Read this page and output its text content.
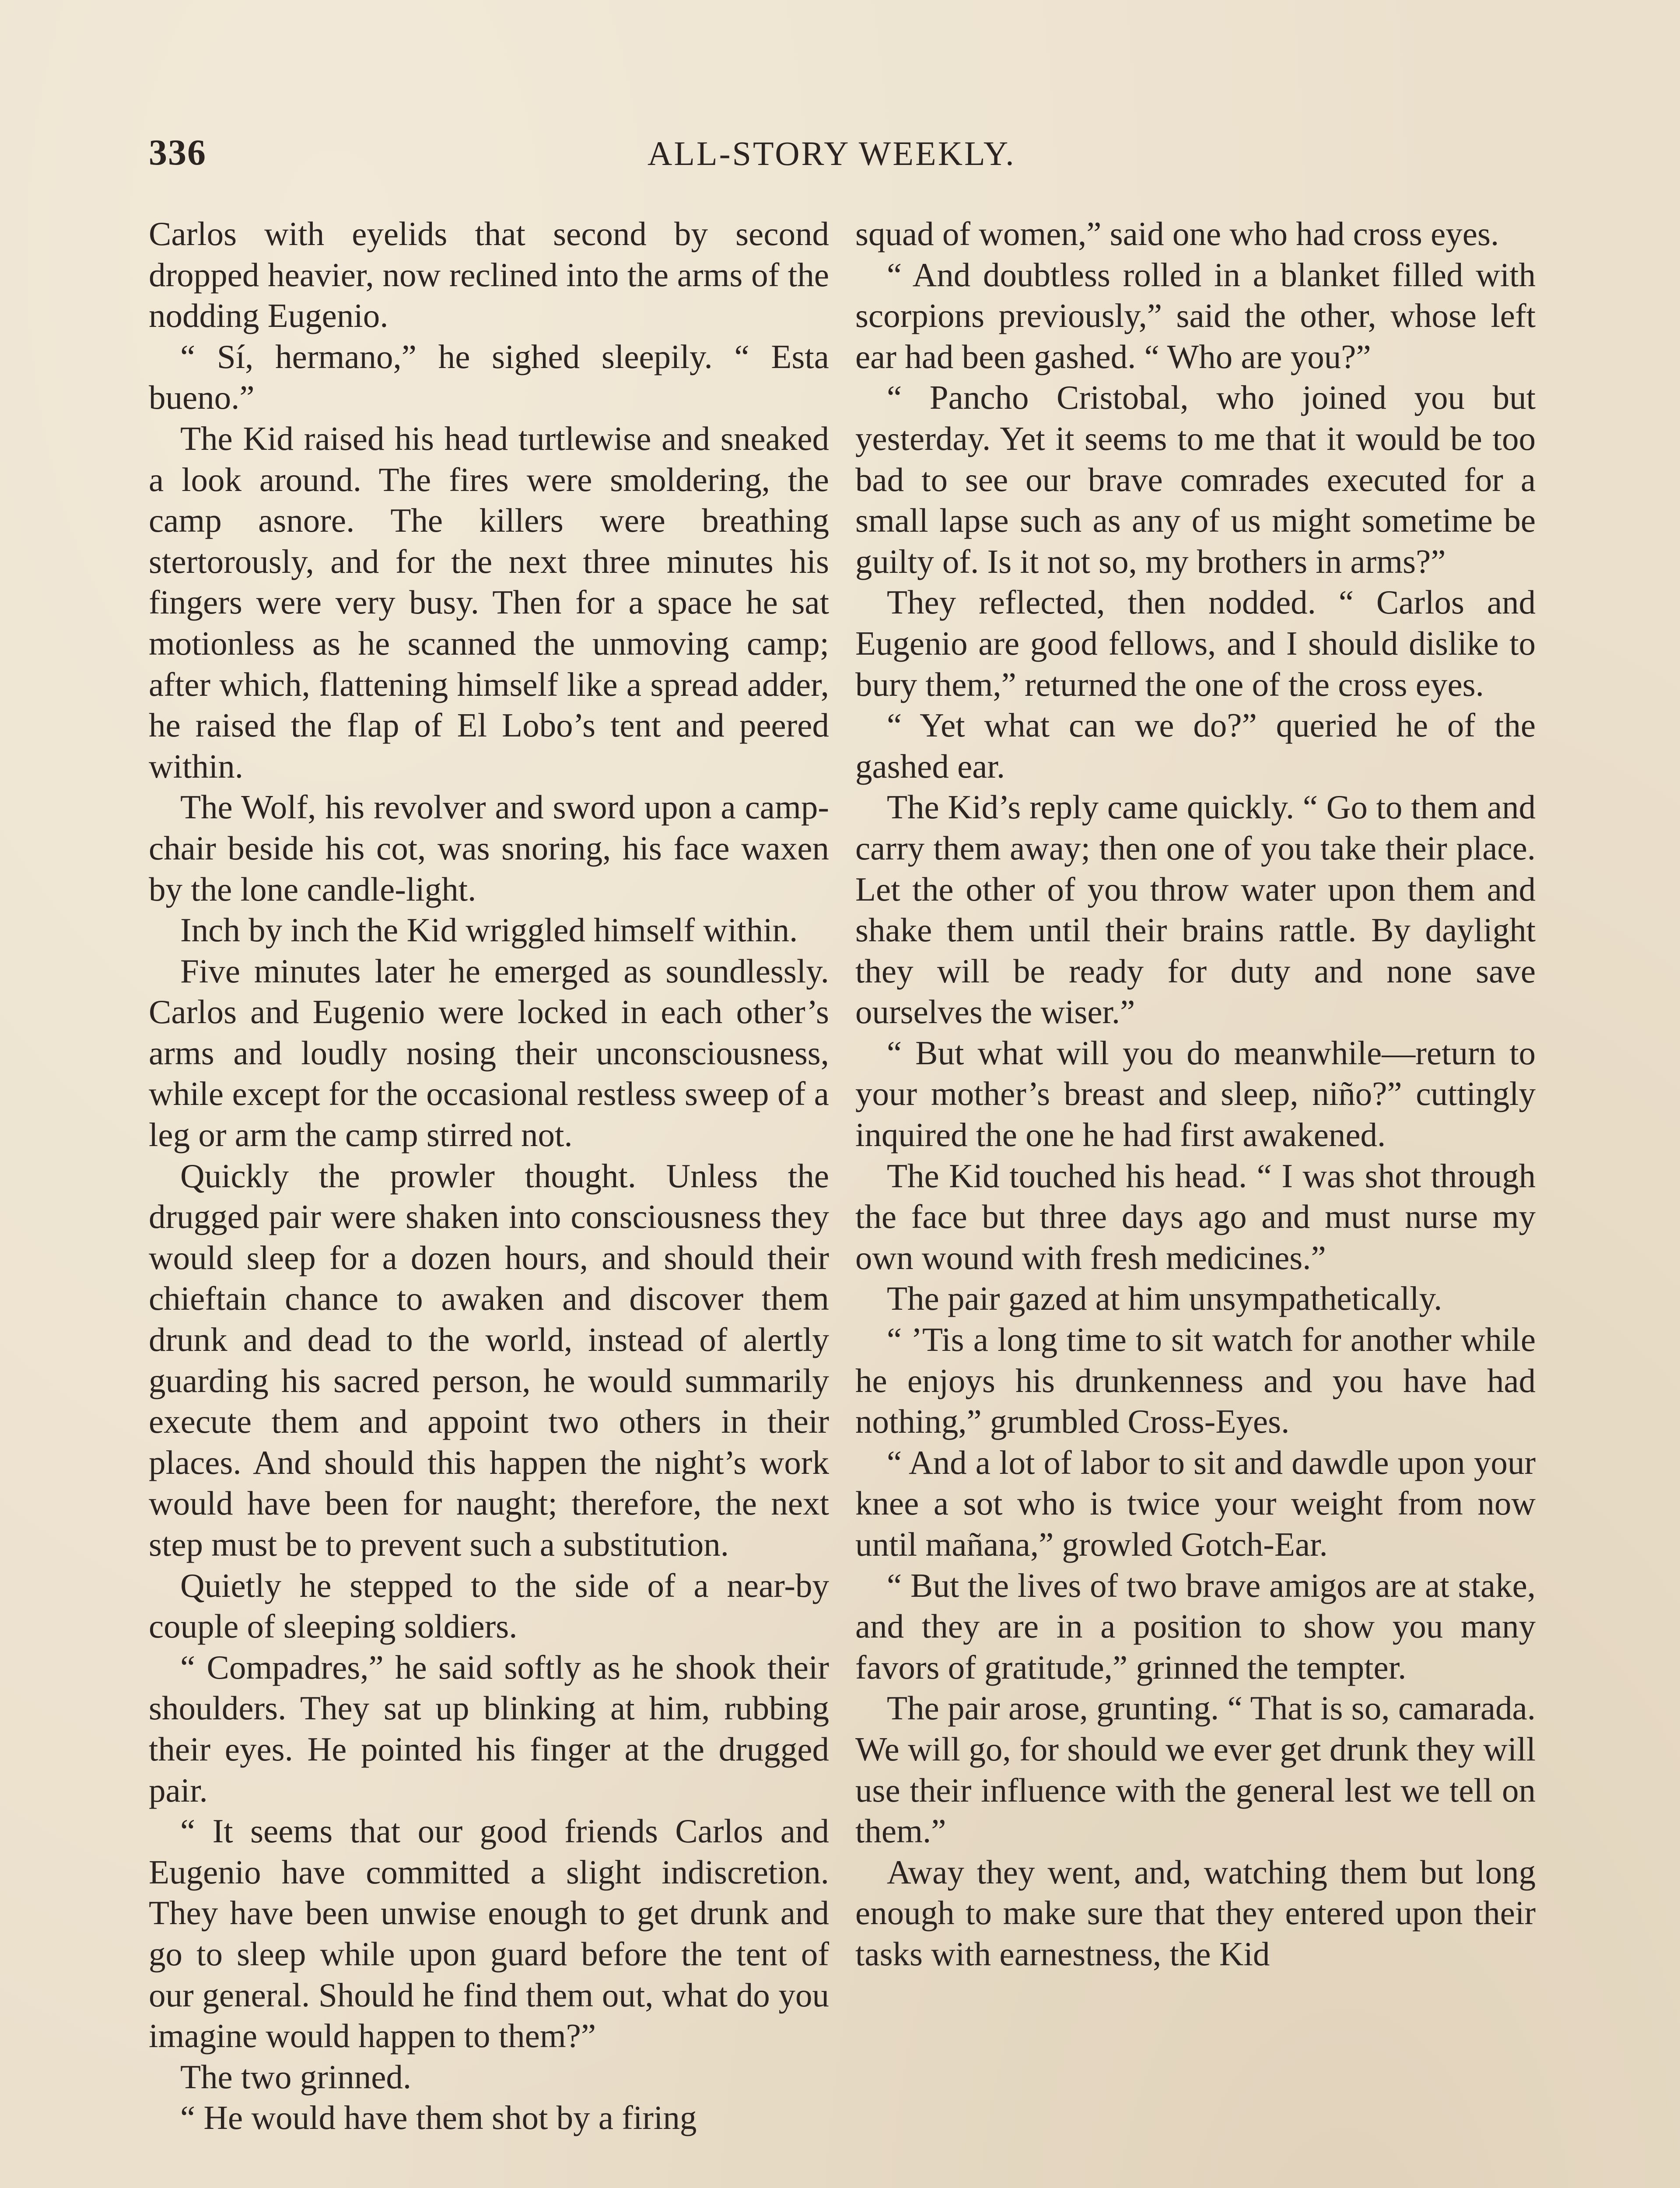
336	ALL-STORY WEEKLY.

Carlos with eyelids that second by second dropped heavier, now reclined into the arms of the nodding Eugenio.

“ Sí, hermano,” he sighed sleepily. “ Esta bueno.”

The Kid raised his head turtlewise and sneaked a look around. The fires were smoldering, the camp asnore. The killers were breathing stertorously, and for the next three minutes his fingers were very busy. Then for a space he sat motionless as he scanned the unmoving camp; after which, flattening himself like a spread adder, he raised the flap of El Lobo’s tent and peered within.

The Wolf, his revolver and sword upon a camp-chair beside his cot, was snoring, his face waxen by the lone candle-light.

Inch by inch the Kid wriggled himself within.

Five minutes later he emerged as soundlessly. Carlos and Eugenio were locked in each other’s arms and loudly nosing their unconsciousness, while except for the occasional restless sweep of a leg or arm the camp stirred not.

Quickly the prowler thought. Unless the drugged pair were shaken into consciousness they would sleep for a dozen hours, and should their chieftain chance to awaken and discover them drunk and dead to the world, instead of alertly guarding his sacred person, he would summarily execute them and appoint two others in their places. And should this happen the night’s work would have been for naught; therefore, the next step must be to prevent such a substitution.

Quietly he stepped to the side of a near-by couple of sleeping soldiers.

“ Compadres,” he said softly as he shook their shoulders. They sat up blinking at him, rubbing their eyes. He pointed his finger at the drugged pair.

“ It seems that our good friends Carlos and Eugenio have committed a slight indiscretion. They have been unwise enough to get drunk and go to sleep while upon guard before the tent of our general. Should he find them out, what do you imagine would happen to them?”

The two grinned.

“ He would have them shot by a firing

squad of women,” said one who had cross eyes.

“ And doubtless rolled in a blanket filled with scorpions previously,” said the other, whose left ear had been gashed. “ Who are you?”

“ Pancho Cristobal, who joined you but yesterday. Yet it seems to me that it would be too bad to see our brave comrades executed for a small lapse such as any of us might sometime be guilty of. Is it not so, my brothers in arms?”

They reflected, then nodded. “ Carlos and Eugenio are good fellows, and I should dislike to bury them,” returned the one of the cross eyes.

“ Yet what can we do?” queried he of the gashed ear.

The Kid’s reply came quickly. “ Go to them and carry them away; then one of you take their place. Let the other of you throw water upon them and shake them until their brains rattle. By daylight they will be ready for duty and none save ourselves the wiser.”

“ But what will you do meanwhile—return to your mother’s breast and sleep, niño?” cuttingly inquired the one he had first awakened.

The Kid touched his head. “ I was shot through the face but three days ago and must nurse my own wound with fresh medicines.”

The pair gazed at him unsympathetically.

“ ’Tis a long time to sit watch for another while he enjoys his drunkenness and you have had nothing,” grumbled Cross-Eyes.

“ And a lot of labor to sit and dawdle upon your knee a sot who is twice your weight from now until mañana,” growled Gotch-Ear.

“ But the lives of two brave amigos are at stake, and they are in a position to show you many favors of gratitude,” grinned the tempter.

The pair arose, grunting. “ That is so, camarada. We will go, for should we ever get drunk they will use their influence with the general lest we tell on them.”

Away they went, and, watching them but long enough to make sure that they entered upon their tasks with earnestness, the Kid
